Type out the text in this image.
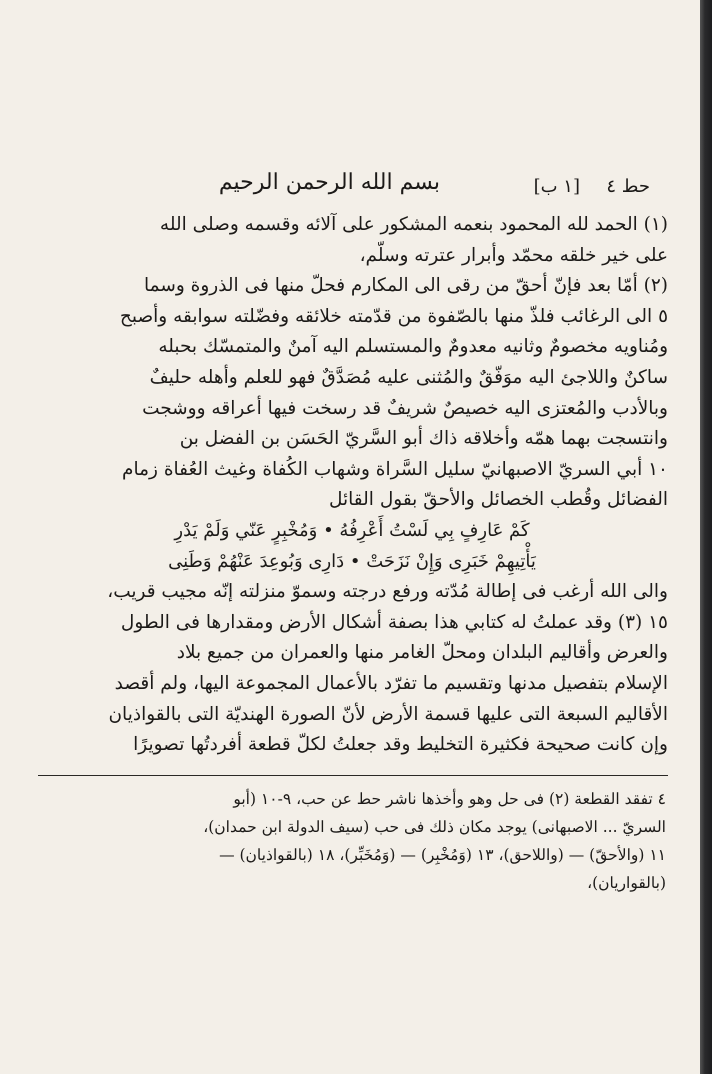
حط ٤
[١ ب]
بسم الله الرحمن الرحيم
(١) الحمد لله المحمود بنعمه المشكور على آلائه وقسمه وصلى الله
على خير خلقه محمّد وأبرار عترته وسلّم،
(٢) أمّا بعد فإنّ أحقّ من رقى الى المكارم فحلّ منها فى الذروة وسما
٥ الى الرغائب فلذّ منها بالصّفوة من قدّمته خلائقه وفضّلته سوابقه وأصبح
ومُناويه مخصومٌ وثانيه معدومٌ والمستسلم اليه آمنٌ والمتمسّك بحبله
ساكنٌ واللاجئ اليه موَفّقٌ والمُثنى عليه مُصَدَّقٌ فهو للعلم وأهله حليفٌ
وبالأدب والمُعتزى اليه خصيصٌ شريفٌ قد رسخت فيها أعراقه ووشجت
وانتسجت بهما همّه وأخلاقه ذاك أبو السَّريّ الحَسَن بن الفضل بن
١٠ أبي السريّ الاصبهانيّ سليل السَّراة وشهاب الكُفاة وغيث العُفاة زمام
الفضائل وقُطب الخصائل والأحقّ بقول القائل
كَمْ عَارِفٍ بِي لَسْتُ أَعْرِفُهُ • وَمُخْبِرٍ عَنّي وَلَمْ يَدْرِ
يَأْتِيهِمْ خَبَرِى وَإِنْ نَزَحَتْ • دَارِى وَبُوعِدَ عَنْهُمْ وَطَنِى
والى الله أرغب فى إطالة مُدّته ورفع درجته وسموّ منزلته إنّه مجيب قريب،
١٥ (٣) وقد عملتُ له كتابي هذا بصفة أشكال الأرض ومقدارها فى الطول
والعرض وأقاليم البلدان ومحلّ الغامر منها والعمران من جميع بلاد
الإسلام بتفصيل مدنها وتقسيم ما تفرّد بالأعمال المجموعة اليها، ولم أقصد
الأقاليم السبعة التى عليها قسمة الأرض لأنّ الصورة الهنديّة التى بالقواذيان
وإن كانت صحيحة فكثيرة التخليط وقد جعلتُ لكلّ قطعة أفردتُها تصويرًا
٤ تفقد القطعة (٢) فى حل وهو وأخذها ناشر حط عن حب، ٩-١٠ (أبو
السريّ ... الاصبهانى) يوجد مكان ذلك فى حب (سيف الدولة ابن حمدان)،
١١ (والأحقّ) — (واللاحق)، ١٣ (وَمُخْبِر) — (وَمُخَبِّر)، ١٨ (بالقواذيان) —
(بالقواريان)،
